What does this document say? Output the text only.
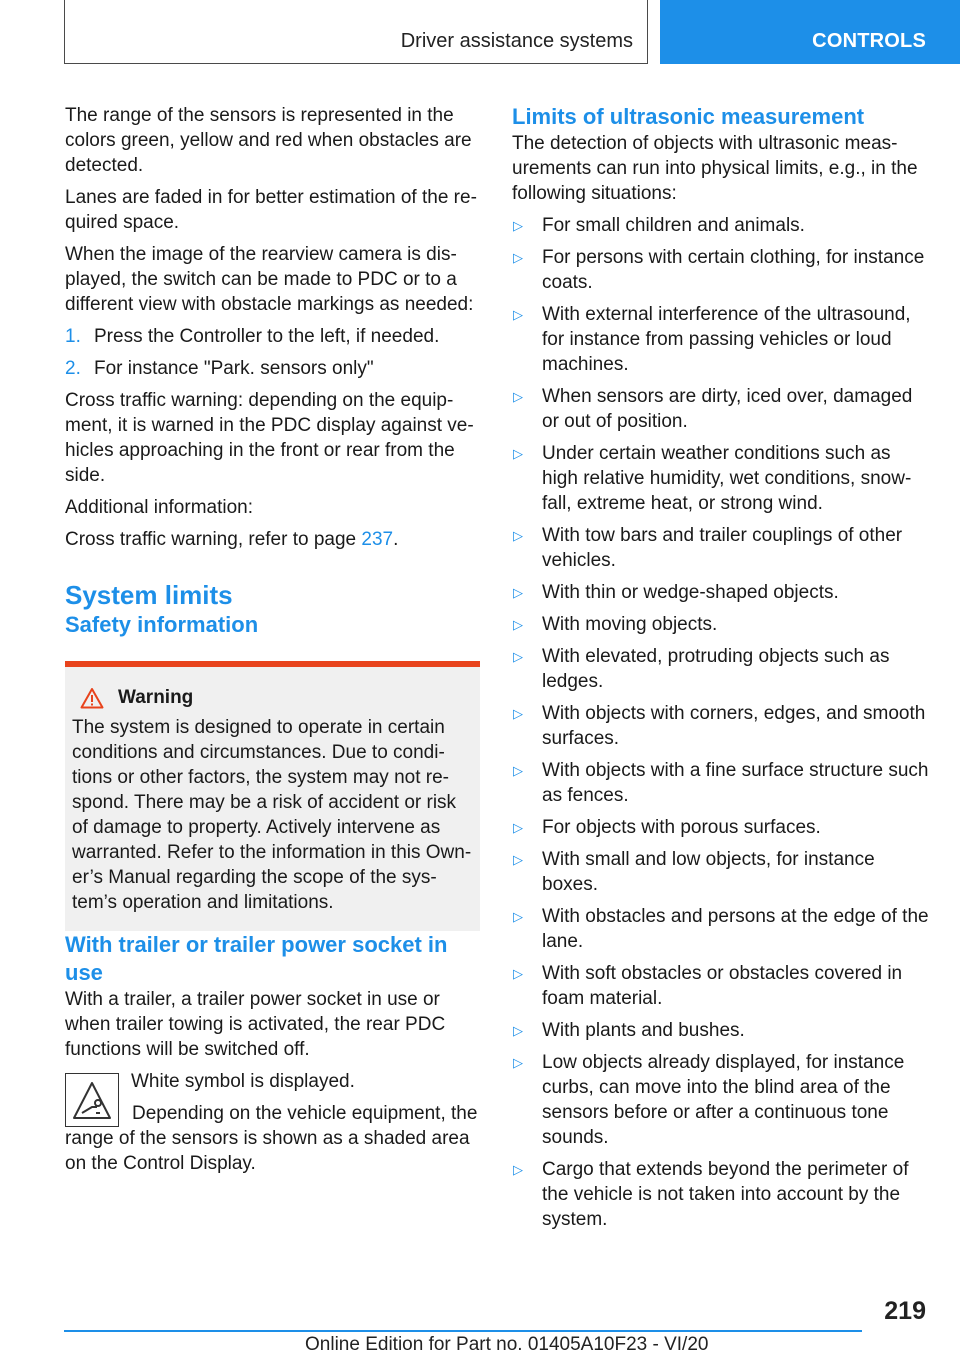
Driver assistance systems	CONTROLS

The range of the sensors is represented in the colors green, yellow and red when obstacles are detected.

Lanes are faded in for better estimation of the re‐quired space.

When the image of the rearview camera is dis‐played, the switch can be made to PDC or to a different view with obstacle markings as needed:

1. Press the Controller to the left, if needed.
2. For instance "Park. sensors only"

Cross traffic warning: depending on the equip‐ment, it is warned in the PDC display against ve‐hicles approaching in the front or rear from the side.

Additional information:

Cross traffic warning, refer to page 237.

System limits
Safety information
Warning
The system is designed to operate in certain conditions and circumstances. Due to condi‐tions or other factors, the system may not re‐spond. There may be a risk of accident or risk of damage to property. Actively intervene as warranted. Refer to the information in this Own‐er’s Manual regarding the scope of the sys‐tem’s operation and limitations.
With trailer or trailer power socket in use

With a trailer, a trailer power socket in use or when trailer towing is activated, the rear PDC functions will be switched off.

White symbol is displayed.

Depending on the vehicle equipment, the range of the sensors is shown as a shaded area on the Control Display.

Limits of ultrasonic measurement

The detection of objects with ultrasonic meas‐urements can run into physical limits, e.g., in the following situations:

▷	For small children and animals.
▷	For persons with certain clothing, for instance coats.
▷	With external interference of the ultrasound, for instance from passing vehicles or loud machines.
▷	When sensors are dirty, iced over, damaged or out of position.
▷	Under certain weather conditions such as high relative humidity, wet conditions, snow‐fall, extreme heat, or strong wind.
▷	With tow bars and trailer couplings of other vehicles.
▷	With thin or wedge-shaped objects.
▷	With moving objects.
▷	With elevated, protruding objects such as ledges.
▷	With objects with corners, edges, and smooth surfaces.
▷	With objects with a fine surface structure such as fences.
▷	For objects with porous surfaces.
▷	With small and low objects, for instance boxes.
▷	With obstacles and persons at the edge of the lane.
▷	With soft obstacles or obstacles covered in foam material.
▷	With plants and bushes.
▷	Low objects already displayed, for instance curbs, can move into the blind area of the sensors before or after a continuous tone sounds.
▷	Cargo that extends beyond the perimeter of the vehicle is not taken into account by the system.
219
Online Edition for Part no. 01405A10F23 - VI/20
